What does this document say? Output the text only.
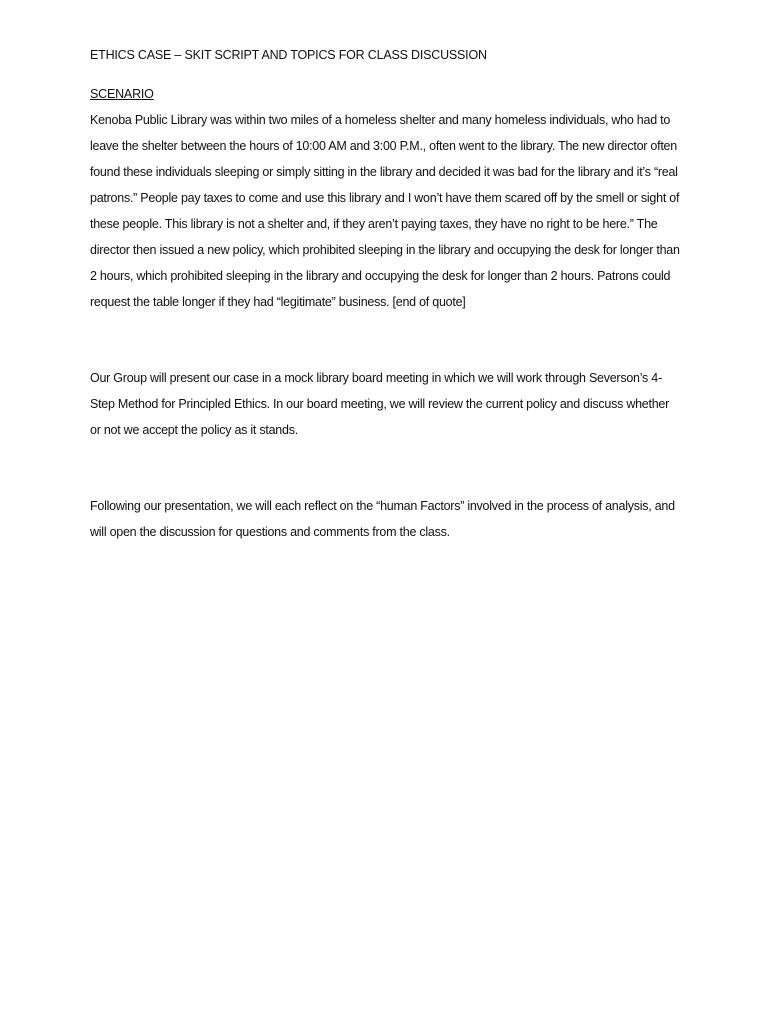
ETHICS CASE – SKIT SCRIPT AND TOPICS FOR CLASS DISCUSSION
SCENARIO

Kenoba Public Library was within two miles of a homeless shelter and many homeless individuals, who had to leave the shelter between the hours of 10:00 AM and 3:00 P.M., often went to the library. The new director often found these individuals sleeping or simply sitting in the library and decided it was bad for the library and it’s “real patrons.” People pay taxes to come and use this library and I won’t have them scared off by the smell or sight of these people. This library is not a shelter and, if they aren’t paying taxes, they have no right to be here.” The director then issued a new policy, which prohibited sleeping in the library and occupying the desk for longer than 2 hours, which prohibited sleeping in the library and occupying the desk for longer than 2 hours. Patrons could request the table longer if they had “legitimate” business. [end of quote]

Our Group will present our case in a mock library board meeting in which we will work through Severson’s 4-Step Method for Principled Ethics. In our board meeting, we will review the current policy and discuss whether or not we accept the policy as it stands.

Following our presentation, we will each reflect on the “human Factors” involved in the process of analysis, and will open the discussion for questions and comments from the class.
